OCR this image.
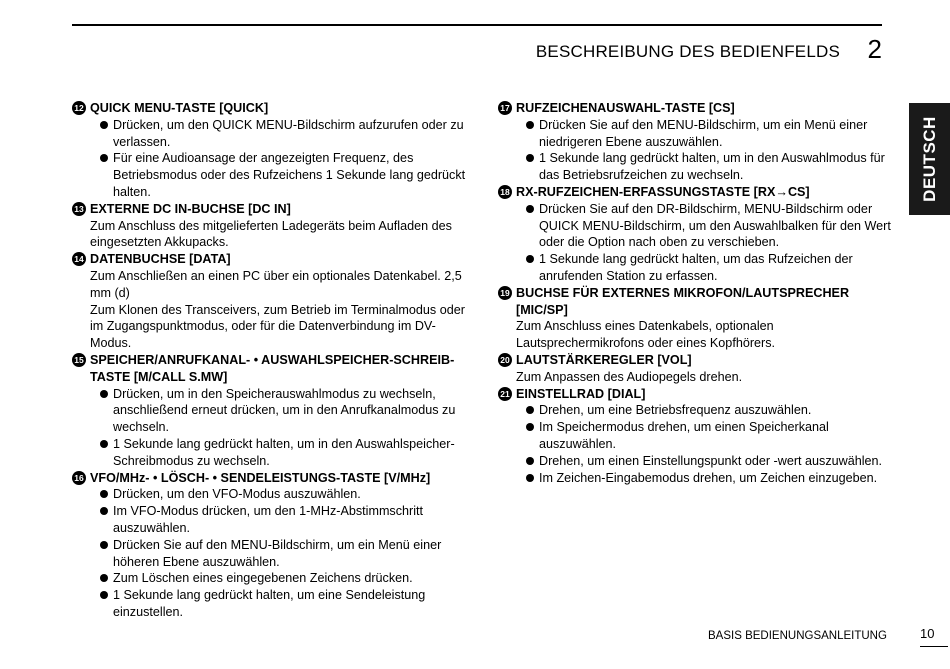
BESCHREIBUNG DES BEDIENFELDS 2
DEUTSCH
12 QUICK MENU-TASTE [QUICK]
Drücken, um den QUICK MENU-Bildschirm aufzurufen oder zu verlassen.
Für eine Audioansage der angezeigten Frequenz, des Betriebsmodus oder des Rufzeichens 1 Sekunde lang gedrückt halten.
13 EXTERNE DC IN-BUCHSE [DC IN]
Zum Anschluss des mitgelieferten Ladegeräts beim Aufladen des eingesetzten Akkupacks.
14 DATENBUCHSE [DATA]
Zum Anschließen an einen PC über ein optionales Datenkabel. 2,5 mm (d)
Zum Klonen des Transceivers, zum Betrieb im Terminalmodus oder im Zugangspunktmodus, oder für die Datenverbindung im DV-Modus.
15 SPEICHER/ANRUFKANAL- • AUSWAHLSPEICHER-SCHREIB-TASTE [M/CALL S.MW]
Drücken, um in den Speicherauswahlmodus zu wechseln, anschließend erneut drücken, um in den Anrufkanalmodus zu wechseln.
1 Sekunde lang gedrückt halten, um in den Auswahlspeicher-Schreibmodus zu wechseln.
16 VFO/MHz- • LÖSCH- • SENDELEISTUNGS-TASTE [V/MHz]
Drücken, um den VFO-Modus auszuwählen.
Im VFO-Modus drücken, um den 1-MHz-Abstimmschritt auszuwählen.
Drücken Sie auf den MENU-Bildschirm, um ein Menü einer höheren Ebene auszuwählen.
Zum Löschen eines eingegebenen Zeichens drücken.
1 Sekunde lang gedrückt halten, um eine Sendeleistung einzustellen.
17 RUFZEICHENAUSWAHL-TASTE [CS]
Drücken Sie auf den MENU-Bildschirm, um ein Menü einer niedrigeren Ebene auszuwählen.
1 Sekunde lang gedrückt halten, um in den Auswahlmodus für das Betriebsrufzeichen zu wechseln.
18 RX-RUFZEICHEN-ERFASSUNGSTASTE [RX→CS]
Drücken Sie auf den DR-Bildschirm, MENU-Bildschirm oder QUICK MENU-Bildschirm, um den Auswahlbalken für den Wert oder die Option nach oben zu verschieben.
1 Sekunde lang gedrückt halten, um das Rufzeichen der anrufenden Station zu erfassen.
19 BUCHSE FÜR EXTERNES MIKROFON/LAUTSPRECHER [MIC/SP]
Zum Anschluss eines Datenkabels, optionalen Lautsprechermikrofons oder eines Kopfhörers.
20 LAUTSTÄRKEREGLER [VOL]
Zum Anpassen des Audiopegels drehen.
21 EINSTELLRAD [DIAL]
Drehen, um eine Betriebsfrequenz auszuwählen.
Im Speichermodus drehen, um einen Speicherkanal auszuwählen.
Drehen, um einen Einstellungspunkt oder -wert auszuwählen.
Im Zeichen-Eingabemodus drehen, um Zeichen einzugeben.
BASIS BEDIENUNGSANLEITUNG	10
